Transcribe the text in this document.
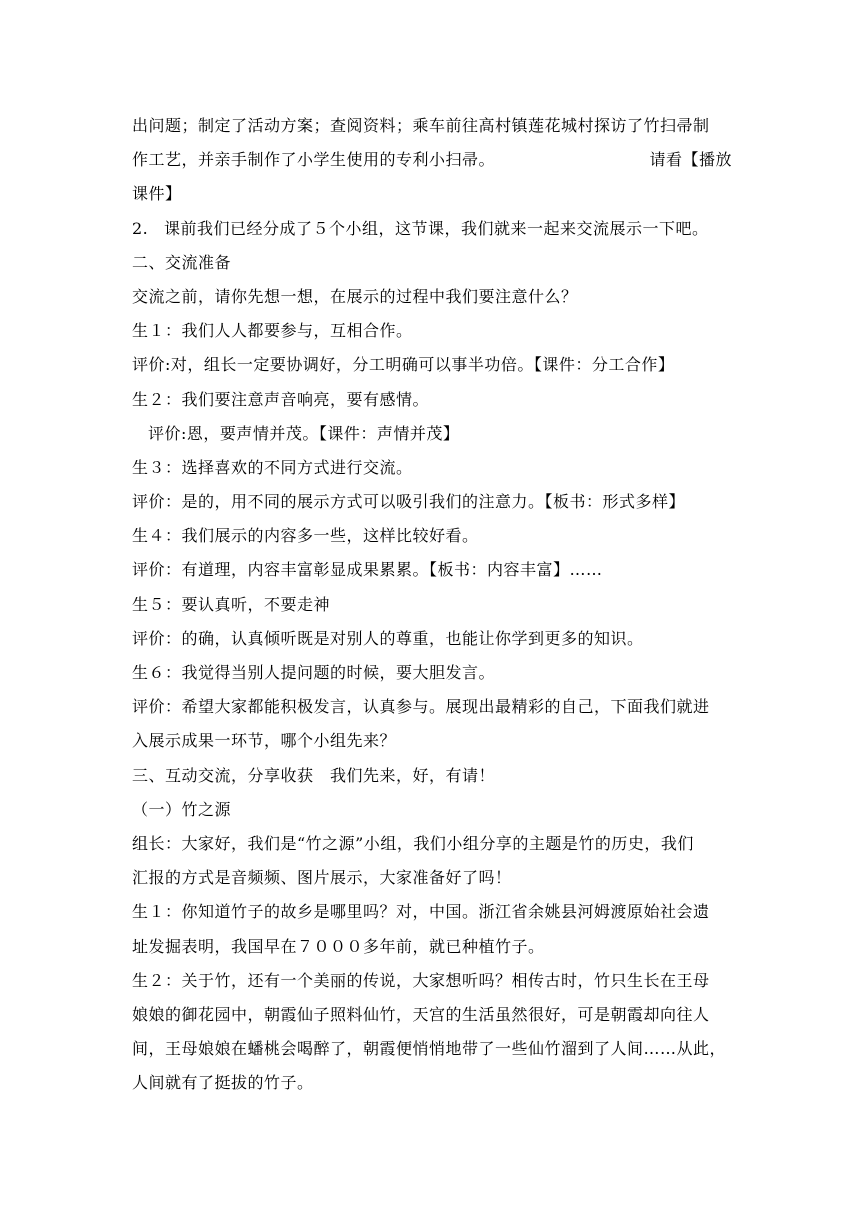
出问题；制定了活动方案；查阅资料；乘车前往高村镇莲花城村探访了竹扫帚制
作工艺，并亲手制作了小学生使用的专利小扫帚。	请看【播放
课件】
2. 课前我们已经分成了５个小组，这节课，我们就来一起来交流展示一下吧。
二、交流准备
交流之前，请你先想一想，在展示的过程中我们要注意什么？
生１：我们人人都要参与，互相合作。
评价:对，组长一定要协调好，分工明确可以事半功倍。【课件：分工合作】
生２：我们要注意声音响亮，要有感情。
评价:恩，要声情并茂。【课件：声情并茂】
生３：选择喜欢的不同方式进行交流。
评价：是的，用不同的展示方式可以吸引我们的注意力。【板书：形式多样】
生４：我们展示的内容多一些，这样比较好看。
评价：有道理，内容丰富彰显成果累累。【板书：内容丰富】……
生５：要认真听，不要走神
评价：的确，认真倾听既是对别人的尊重，也能让你学到更多的知识。
生６：我觉得当别人提问题的时候，要大胆发言。
评价：希望大家都能积极发言，认真参与。展现出最精彩的自己，下面我们就进
入展示成果一环节，哪个小组先来？
三、互动交流，分享收获　我们先来，好，有请！
（一）竹之源
组长：大家好，我们是“竹之源”小组，我们小组分享的主题是竹的历史，我们
汇报的方式是音频频、图片展示，大家准备好了吗！
生１：你知道竹子的故乡是哪里吗？对，中国。浙江省余姚县河姆渡原始社会遗
址发掘表明，我国早在７０００多年前，就已种植竹子。
生２：关于竹，还有一个美丽的传说，大家想听吗？相传古时，竹只生长在王母
娘娘的御花园中，朝霞仙子照料仙竹，天宫的生活虽然很好，可是朝霞却向往人
间，王母娘娘在蟠桃会喝醉了，朝霞便悄悄地带了一些仙竹溜到了人间……从此，
人间就有了挺拔的竹子。
